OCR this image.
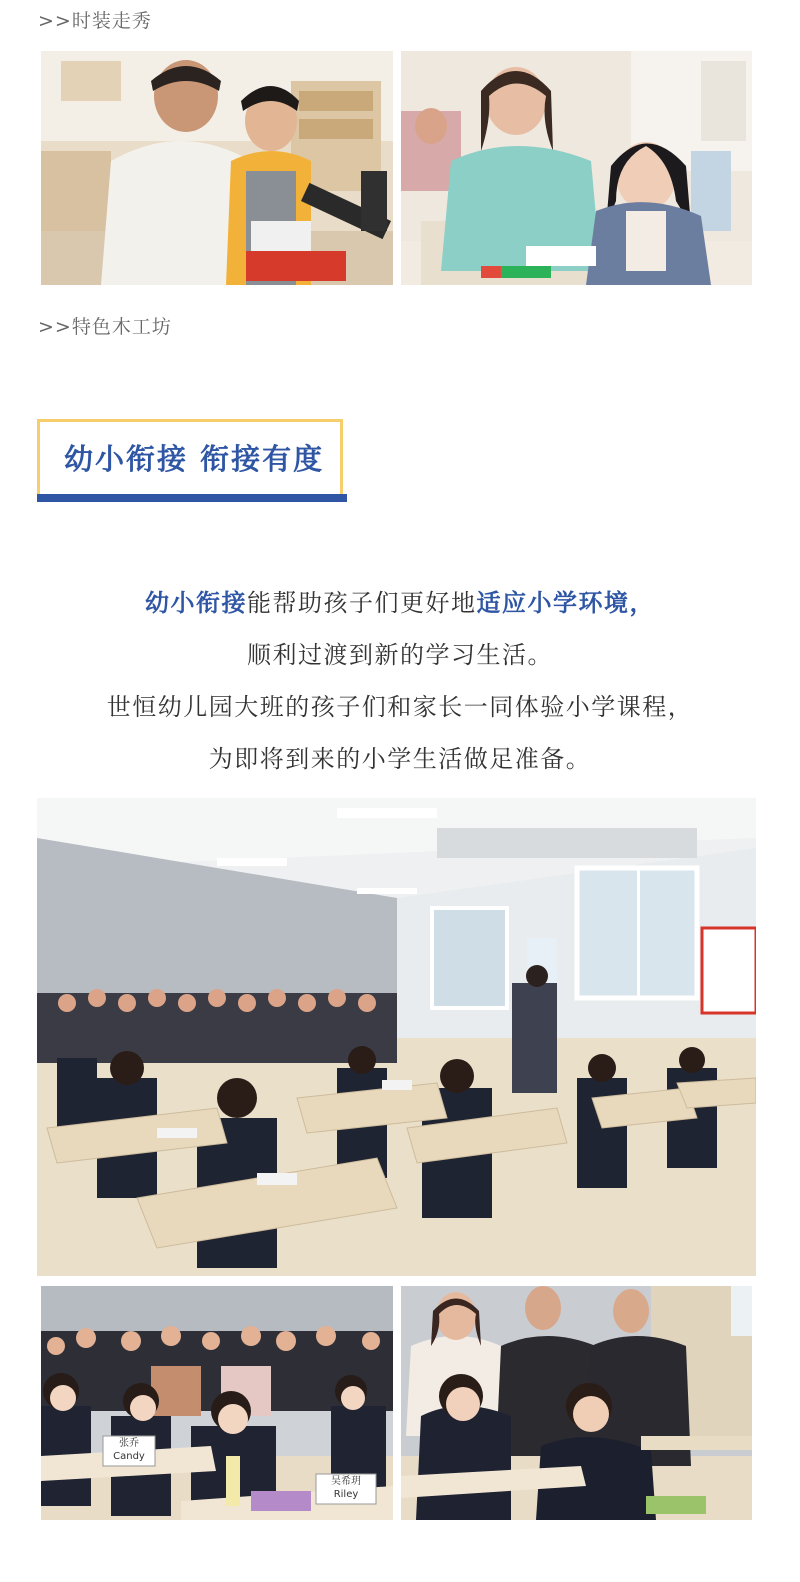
>>时装走秀
>>特色木工坊
幼小衔接 衔接有度
幼小衔接能帮助孩子们更好地适应小学环境，
顺利过渡到新的学习生活。
世恒幼儿园大班的孩子们和家长一同体验小学课程，
为即将到来的小学生活做足准备。
张乔
Candy
吴希玥
Riley
